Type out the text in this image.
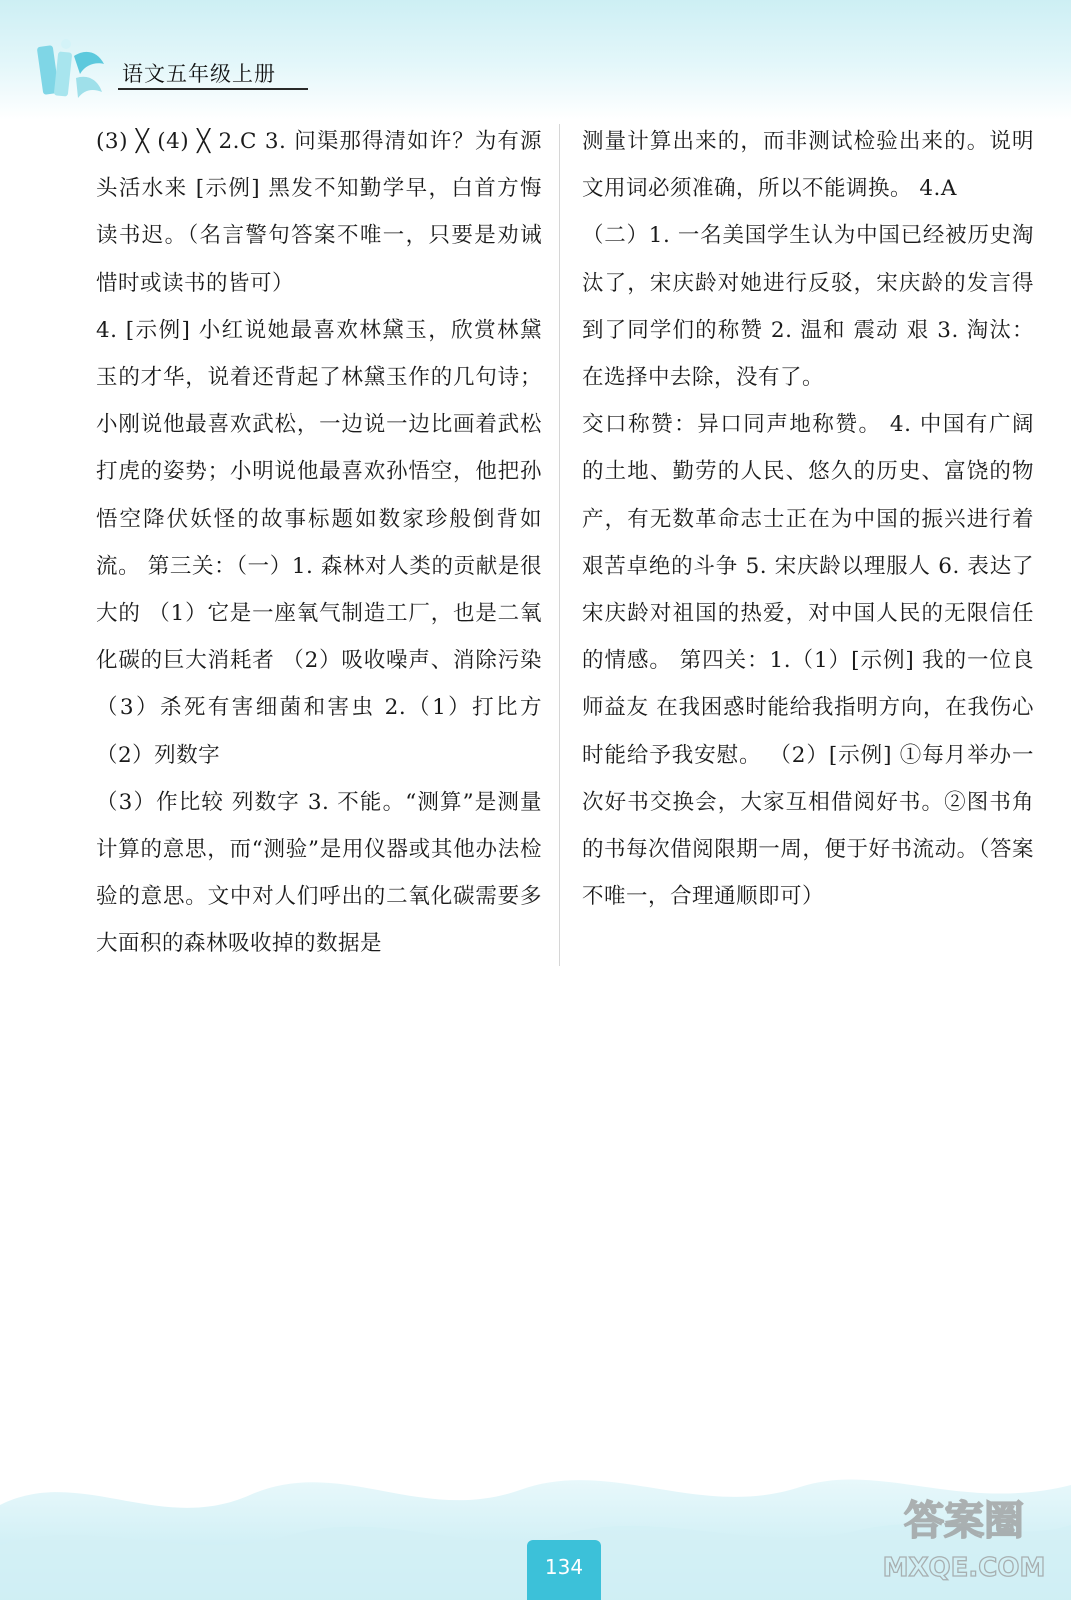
语文五年级上册

(3) ╳ (4) ╳ 2.C 3. 问渠那得清如许？为有源头活水来 [示例] 黑发不知勤学早，白首方悔读书迟。（名言警句答案不唯一，只要是劝诫惜时或读书的皆可）

4. [示例] 小红说她最喜欢林黛玉，欣赏林黛玉的才华，说着还背起了林黛玉作的几句诗；小刚说他最喜欢武松，一边说一边比画着武松打虎的姿势；小明说他最喜欢孙悟空，他把孙悟空降伏妖怪的故事标题如数家珍般倒背如流。 第三关：（一）1. 森林对人类的贡献是很大的 （1）它是一座氧气制造工厂，也是二氧化碳的巨大消耗者 （2）吸收噪声、消除污染 （3）杀死有害细菌和害虫 2.（1）打比方 （2）列数字

（3）作比较 列数字 3. 不能。“测算”是测量计算的意思，而“测验”是用仪器或其他办法检验的意思。文中对人们呼出的二氧化碳需要多大面积的森林吸收掉的数据是

测量计算出来的，而非测试检验出来的。说明文用词必须准确，所以不能调换。 4.A

（二）1. 一名美国学生认为中国已经被历史淘汰了，宋庆龄对她进行反驳，宋庆龄的发言得到了同学们的称赞 2. 温和 震动 艰 3. 淘汰：在选择中去除，没有了。

交口称赞：异口同声地称赞。 4. 中国有广阔的土地、勤劳的人民、悠久的历史、富饶的物产，有无数革命志士正在为中国的振兴进行着艰苦卓绝的斗争 5. 宋庆龄以理服人 6. 表达了宋庆龄对祖国的热爱，对中国人民的无限信任的情感。 第四关：1.（1）[示例] 我的一位良师益友 在我困惑时能给我指明方向，在我伤心时能给予我安慰。 （2）[示例] ①每月举办一次好书交换会，大家互相借阅好书。②图书角的书每次借阅限期一周，便于好书流动。（答案不唯一，合理通顺即可）

134
答案圈
MXQE.COM
